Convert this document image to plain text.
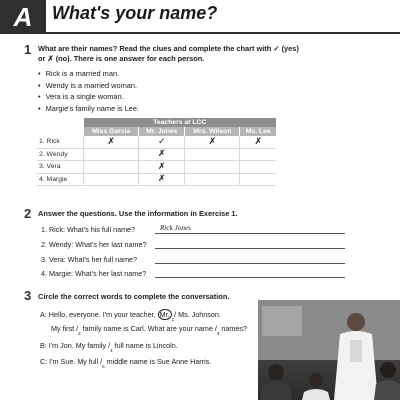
A	What's your name?
1 What are their names? Read the clues and complete the chart with ✓ (yes)
or ✗ (no). There is one answer for each person.
• Rick is a married man.
• Wendy is a married woman.
• Vera is a single woman.
• Margie's family name is Lee.
	Teachers at LCC			
	Miss Garcia	Mr. Jones	Mrs. Wilson	Ms. Lee
1. Rick	✗	✓	✗	✗
2. Wendy		✗		
3. Vera		✗		
4. Margie		✗		
2 Answer the questions. Use the information in Exercise 1.
1. Rick: What's his full name?	Rick Jones
2. Wendy: What's her last name?
3. Vera: What's her full name?
4. Margie: What's her last name?
3 Circle the correct words to complete the conversation.
A: Hello, everyone. I'm your teacher, $Mr._1/$ Ms. Johnson.
My first $/_2$ family name is Carl. What are your name $/_3$ names?
B: I'm Jon. My family $/_4$ full name is Lincoln.
C: I'm Sue. My full $/_5$ middle name is Sue Anne Harris.
